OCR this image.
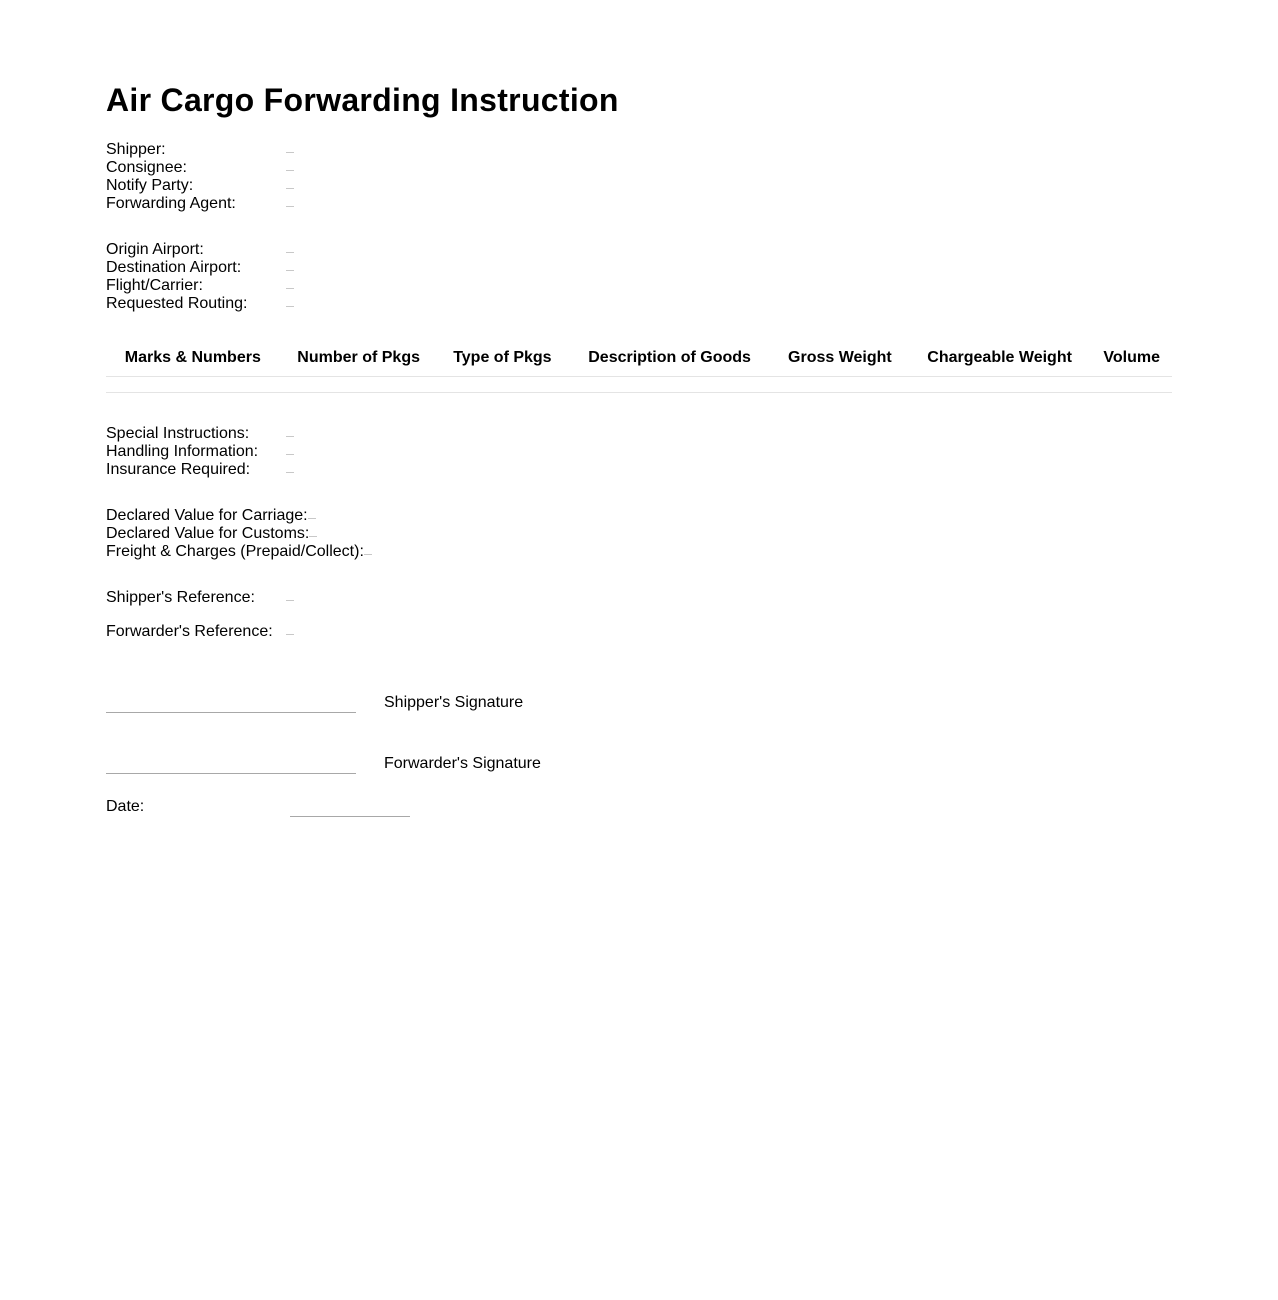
Air Cargo Forwarding Instruction
Shipper:
Consignee:
Notify Party:
Forwarding Agent:
Origin Airport:
Destination Airport:
Flight/Carrier:
Requested Routing:
Marks & Numbers	Number of Pkgs	Type of Pkgs	Description of Goods	Gross Weight	Chargeable Weight	Volume

Special Instructions:
Handling Information:
Insurance Required:
Declared Value for Carriage:
Declared Value for Customs:
Freight & Charges (Prepaid/Collect):
Shipper's Reference:
Forwarder's Reference:
Shipper's Signature
Forwarder's Signature
Date:
